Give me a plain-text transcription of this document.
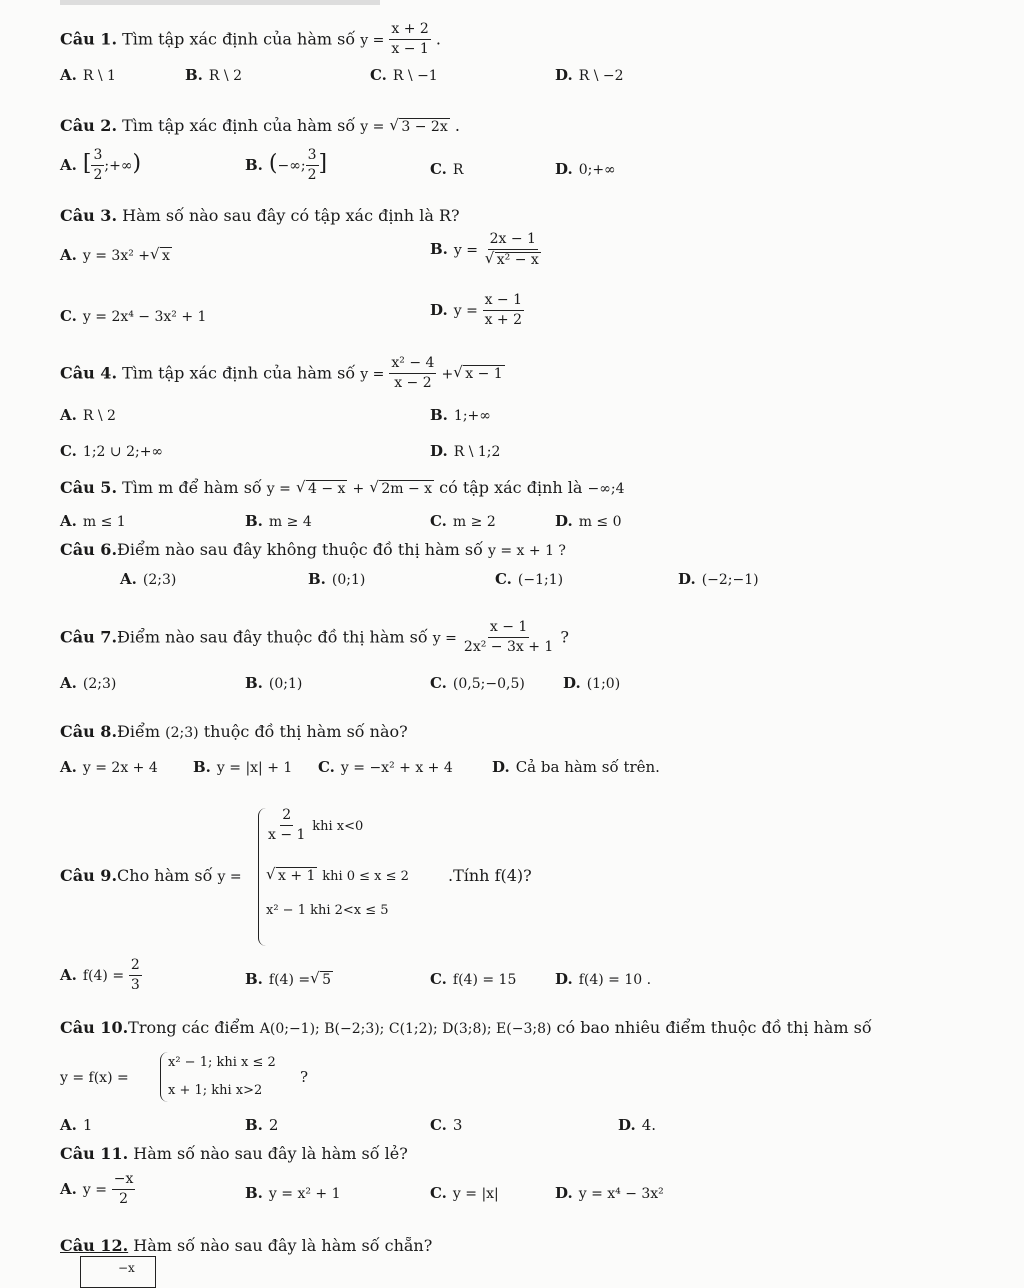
Câu 1. Tìm tập xác định của hàm số $y = \frac{x + 2}{x - 1}$ .
A. R \ 1	B. R \ 2	C. R \ −1	D. R \ −2
Câu 2. Tìm tập xác định của hàm số y = √ 3 − 2x .
A. [ $\frac{3}{2}$ ;+∞)	B. (−∞; $\frac{3}{2}$ ]	C. R	D. 0;+∞
Câu 3. Hàm số nào sau đây có tập xác định là R?
A. y = 3x² + √ x	B. y = 2x − 1
√ x² − x
C. y = 2x⁴ − 3x² + 1	D. $y = \frac{x - 1}{x + 2}$
Câu 4. Tìm tập xác định của hàm số $y = \frac{\text{x² − 4}}{x - 2}$ + √ x − 1
A. R \ 2	B. 1;+∞
C. 1;2 ∪ 2;+∞	D. R \ 1;2
Câu 5. Tìm m để hàm số y = √ 4 − x + √ 2m − x có tập xác định là −∞;4
A. m ≤ 1	B. m ≥ 4	C. m ≥ 2	D. m ≤ 0
Câu 6.Điểm nào sau đây không thuộc đồ thị hàm số y = x + 1 ?
A. (2;3)	B. (0;1)	C. (−1;1)	D. (−2;−1)
Câu 7.Điểm nào sau đây thuộc đồ thị hàm số $y = \frac{x - 1}{\text{2x² − 3x + 1}}$ ?
A. (2;3)	B. (0;1)	C. (0,5;−0,5)	D. (1;0)
Câu 8.Điểm (2;3) thuộc đồ thị hàm số nào?
A. y = 2x + 4 B. y = |x| + 1 C. y = −x² + x + 4	D. Cả ba hàm số trên.
Câu 9.Cho hàm số y =
$\frac{2}{x - 1}$ khi x<0
√ x + 1 khi 0 ≤ x ≤ 2
x² − 1 khi 2<x ≤ 5
.Tính f(4)?
A. $f(4) = \frac{2}{3}$	B. f(4) = √ 5	C. f(4) = 15	D. f(4) = 10 .
Câu 10.Trong các điểm A(0;−1); B(−2;3); C(1;2); D(3;8); E(−3;8) có bao nhiêu điểm thuộc đồ thị hàm số
y = f(x) =
x² − 1; khi x ≤ 2
x + 1; khi x>2
?
A. 1	B. 2	C. 3	D. 4.
Câu 11. Hàm số nào sau đây là hàm số lẻ?
A. $y = \frac{-x}{2}$	B. y = x² + 1	C. y = |x|	D. y = x⁴ − 3x²
Câu 12. Hàm số nào sau đây là hàm số chẵn?
−x
